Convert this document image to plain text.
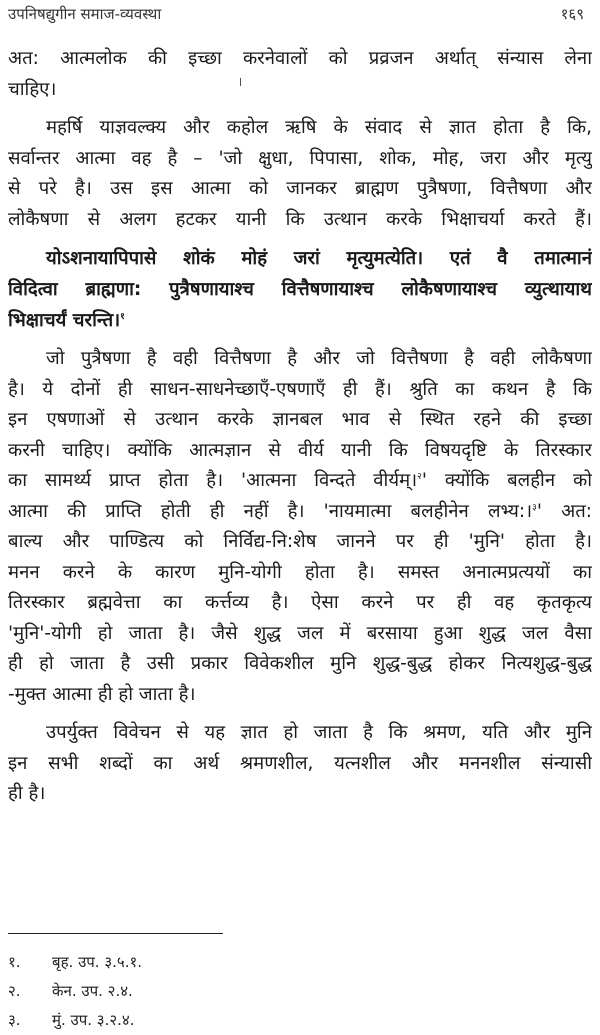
उपनिषद्युगीन समाज-व्यवस्था	१६९

अत: आत्मलोक की इच्छा करनेवालों को प्रव्रजन अर्थात् संन्यास लेना
चाहिए।

महर्षि याज्ञवल्क्य और कहोल ऋषि के संवाद से ज्ञात होता है कि,
सर्वान्तर आत्मा वह है – 'जो क्षुधा, पिपासा, शोक, मोह, जरा और मृत्यु
से परे है। उस इस आत्मा को जानकर ब्राह्मण पुत्रैषणा, वित्तैषणा और
लोकैषणा से अलग हटकर यानी कि उत्थान करके भिक्षाचर्या करते हैं।

योऽशनायापिपासे शोकं मोहं जरां मृत्युमत्येति। एतं वै तमात्मानं
विदित्वा ब्राह्मणा: पुत्रैषणायाश्च वित्तैषणायाश्च लोकैषणायाश्च व्युत्थायाथ
भिक्षाचर्यं चरन्ति।$^१$

जो पुत्रैषणा है वही वित्तैषणा है और जो वित्तैषणा है वही लोकैषणा
है। ये दोनों ही साधन-साधनेच्छाएँ-एषणाएँ ही हैं। श्रुति का कथन है कि
इन एषणाओं से उत्थान करके ज्ञानबल भाव से स्थित रहने की इच्छा
करनी चाहिए। क्योंकि आत्मज्ञान से वीर्य यानी कि विषयदृष्टि के तिरस्कार
का सामर्थ्य प्राप्त होता है। 'आत्मना विन्दते वीर्यम्।$^२$' क्योंकि बलहीन को
आत्मा की प्राप्ति होती ही नहीं है। 'नायमात्मा बलहीनेन लभ्य:।$^३$' अत:
बाल्य और पाण्डित्य को निर्विद्य-नि:शेष जानने पर ही 'मुनि' होता है।
मनन करने के कारण मुनि-योगी होता है। समस्त अनात्मप्रत्ययों का
तिरस्कार ब्रह्मवेत्ता का कर्त्तव्य है। ऐसा करने पर ही वह कृतकृत्य
'मुनि'-योगी हो जाता है। जैसे शुद्ध जल में बरसाया हुआ शुद्ध जल वैसा
ही हो जाता है उसी प्रकार विवेकशील मुनि शुद्ध-बुद्ध होकर नित्यशुद्ध-बुद्ध
-मुक्त आत्मा ही हो जाता है।

उपर्युक्त विवेचन से यह ज्ञात हो जाता है कि श्रमण, यति और मुनि
इन सभी शब्दों का अर्थ श्रमणशील, यत्नशील और मननशील संन्यासी
ही है।

१.	बृह. उप. ३.५.१.
२.	केन. उप. २.४.
३.	मुं. उप. ३.२.४.
